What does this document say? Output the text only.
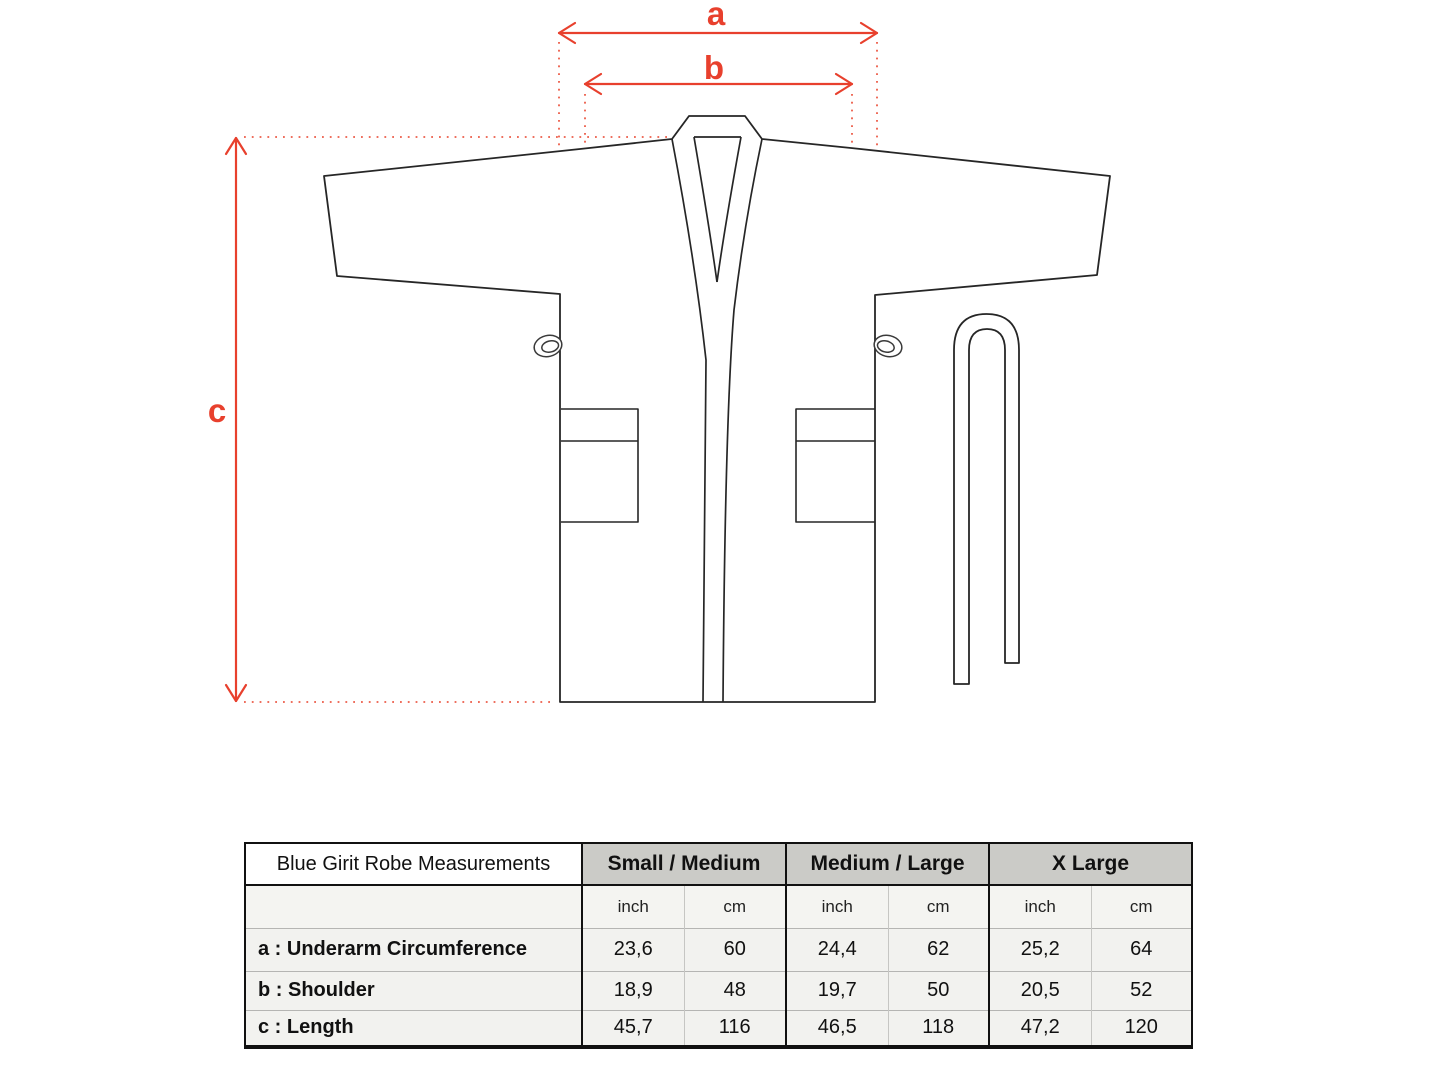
a
b
c
Blue Girit Robe Measurements	Small / Medium		Medium / Large		X Large	
	inch	cm	inch	cm	inch	cm
a : Underarm Circumference	23,6	60	24,4	62	25,2	64
b : Shoulder	18,9	48	19,7	50	20,5	52
c : Length	45,7	116	46,5	118	47,2	120
